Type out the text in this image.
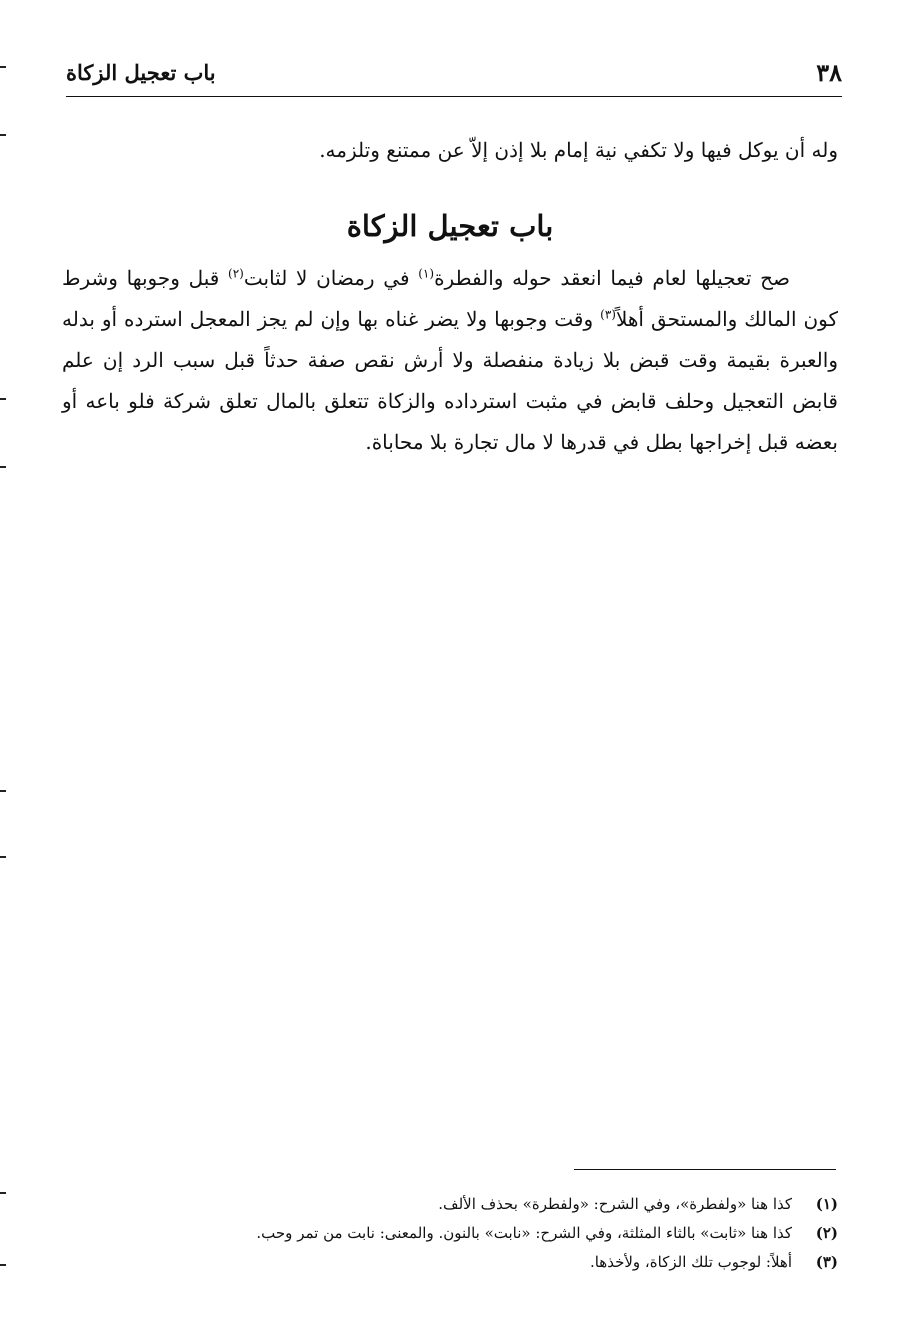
٣٨
باب تعجيل الزكاة

وله أن يوكل فيها ولا تكفي نية إمام بلا إذن إلاّ عن ممتنع وتلزمه.

باب تعجيل الزكاة

صح تعجيلها لعام فيما انعقد حوله والفطرة$^{(١)}$ في رمضان لا لثابت$^{(٢)}$ قبل وجوبها وشرط كون المالك والمستحق أهلاً$^{(٣)}$ وقت وجوبها ولا يضر غناه بها وإن لم يجز المعجل استرده أو بدله والعبرة بقيمة وقت قبض بلا زيادة منفصلة ولا أرش نقص صفة حدثاً قبل سبب الرد إن علم قابض التعجيل وحلف قابض في مثبت استرداده والزكاة تتعلق بالمال تعلق شركة فلو باعه أو بعضه قبل إخراجها بطل في قدرها لا مال تجارة بلا محاباة.

(١)
كذا هنا «ولفطرة»، وفي الشرح: «ولفطرة» بحذف الألف.
(٢)
كذا هنا «ثابت» بالثاء المثلثة، وفي الشرح: «نابت» بالنون. والمعنى: نابت من تمر وحب.
(٣)
أهلاً: لوجوب تلك الزكاة، ولأخذها.
